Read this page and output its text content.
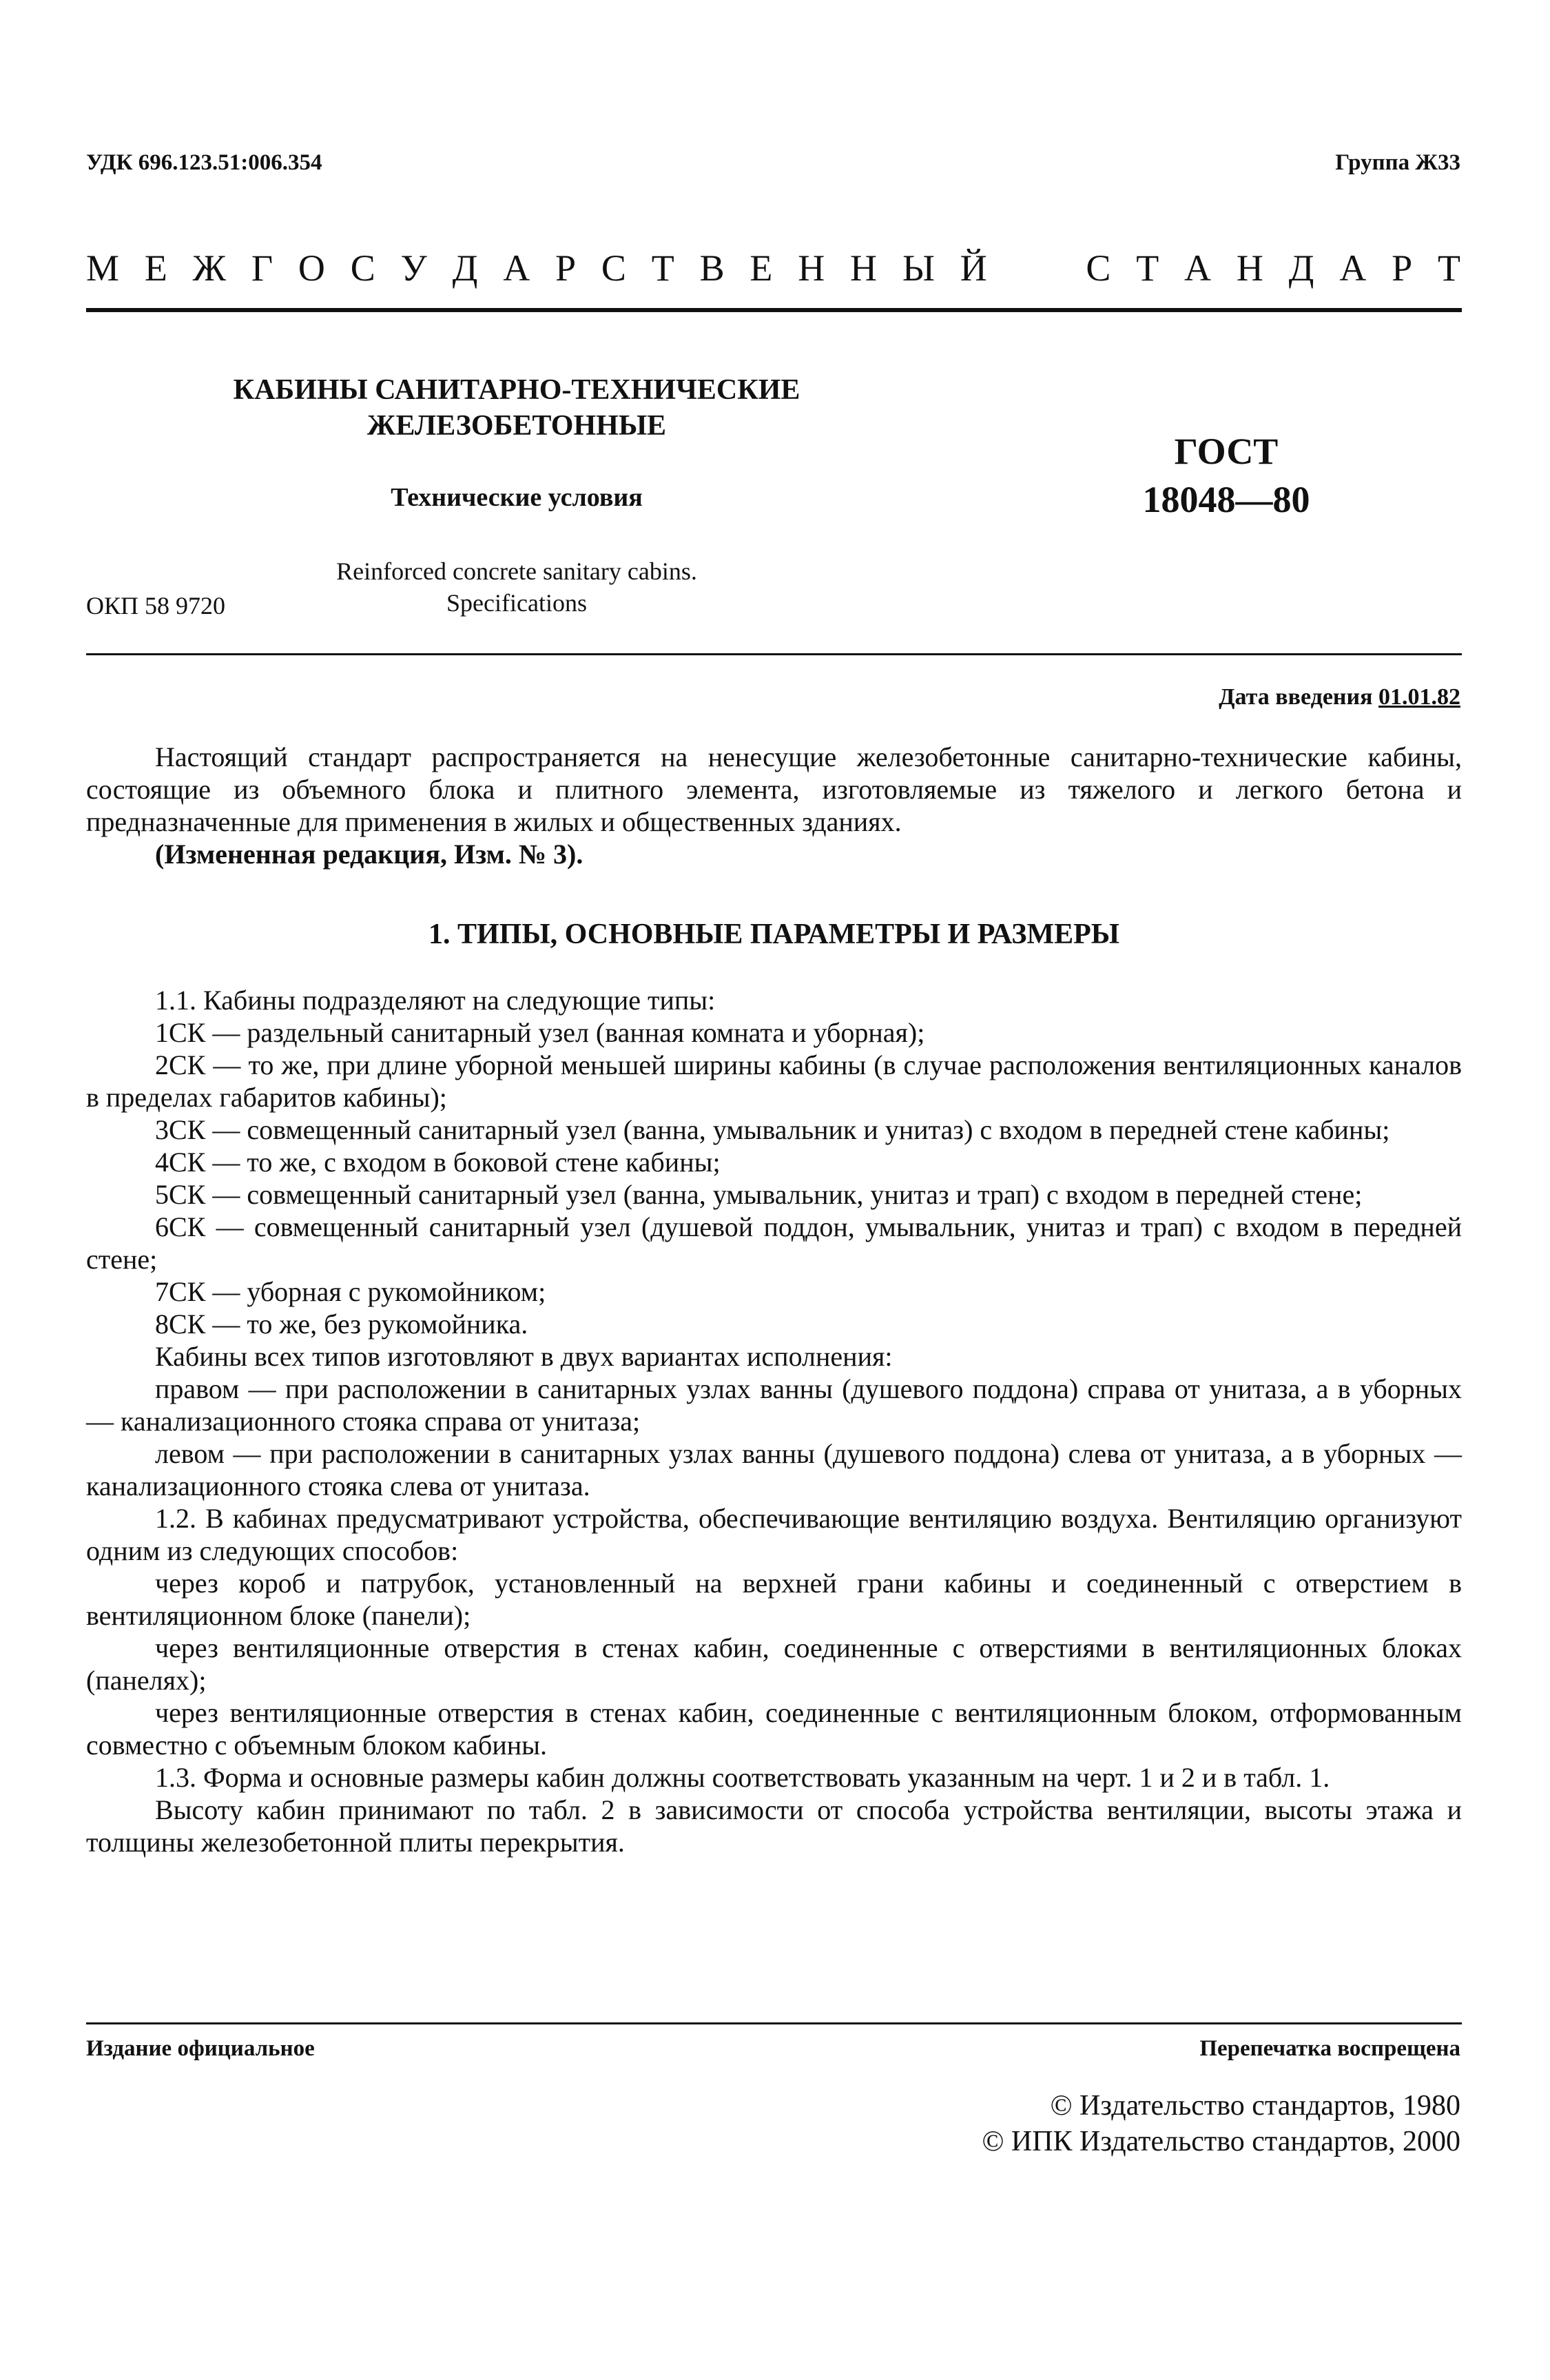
УДК 696.123.51:006.354	Группа Ж33
М Е Ж Г О С У Д А Р С Т В Е Н Н Ы Й	С Т А Н Д А Р Т
КАБИНЫ САНИТАРНО-ТЕХНИЧЕСКИЕ
ЖЕЛЕЗОБЕТОННЫЕ
Технические условия
Reinforced concrete sanitary cabins.
Specifications
ГОСТ
18048—80
ОКП 58 9720
Дата введения 01.01.82

Настоящий стандарт распространяется на ненесущие железобетонные санитарно-технические кабины, состоящие из объемного блока и плитного элемента, изготовляемые из тяжелого и легкого бетона и предназначенные для применения в жилых и общественных зданиях.

(Измененная редакция, Изм. № 3).

1. ТИПЫ, ОСНОВНЫЕ ПАРАМЕТРЫ И РАЗМЕРЫ

1.1. Кабины подразделяют на следующие типы:

1СК — раздельный санитарный узел (ванная комната и уборная);

2СК — то же, при длине уборной меньшей ширины кабины (в случае расположения вентиляционных каналов в пределах габаритов кабины);

3СК — совмещенный санитарный узел (ванна, умывальник и унитаз) с входом в передней стене кабины;

4СК — то же, с входом в боковой стене кабины;

5СК — совмещенный санитарный узел (ванна, умывальник, унитаз и трап) с входом в передней стене;

6СК — совмещенный санитарный узел (душевой поддон, умывальник, унитаз и трап) с входом в передней стене;

7СК — уборная с рукомойником;

8СК — то же, без рукомойника.

Кабины всех типов изготовляют в двух вариантах исполнения:

правом — при расположении в санитарных узлах ванны (душевого поддона) справа от унитаза, а в уборных — канализационного стояка справа от унитаза;

левом — при расположении в санитарных узлах ванны (душевого поддона) слева от унитаза, а в уборных — канализационного стояка слева от унитаза.

1.2. В кабинах предусматривают устройства, обеспечивающие вентиляцию воздуха. Вентиляцию организуют одним из следующих способов:

через короб и патрубок, установленный на верхней грани кабины и соединенный с отверстием в вентиляционном блоке (панели);

через вентиляционные отверстия в стенах кабин, соединенные с отверстиями в вентиляционных блоках (панелях);

через вентиляционные отверстия в стенах кабин, соединенные с вентиляционным блоком, отформованным совместно с объемным блоком кабины.

1.3. Форма и основные размеры кабин должны соответствовать указанным на черт. 1 и 2 и в табл. 1.

Высоту кабин принимают по табл. 2 в зависимости от способа устройства вентиляции, высоты этажа и толщины железобетонной плиты перекрытия.

Издание официальное	Перепечатка воспрещена
© Издательство стандартов, 1980
© ИПК Издательство стандартов, 2000
